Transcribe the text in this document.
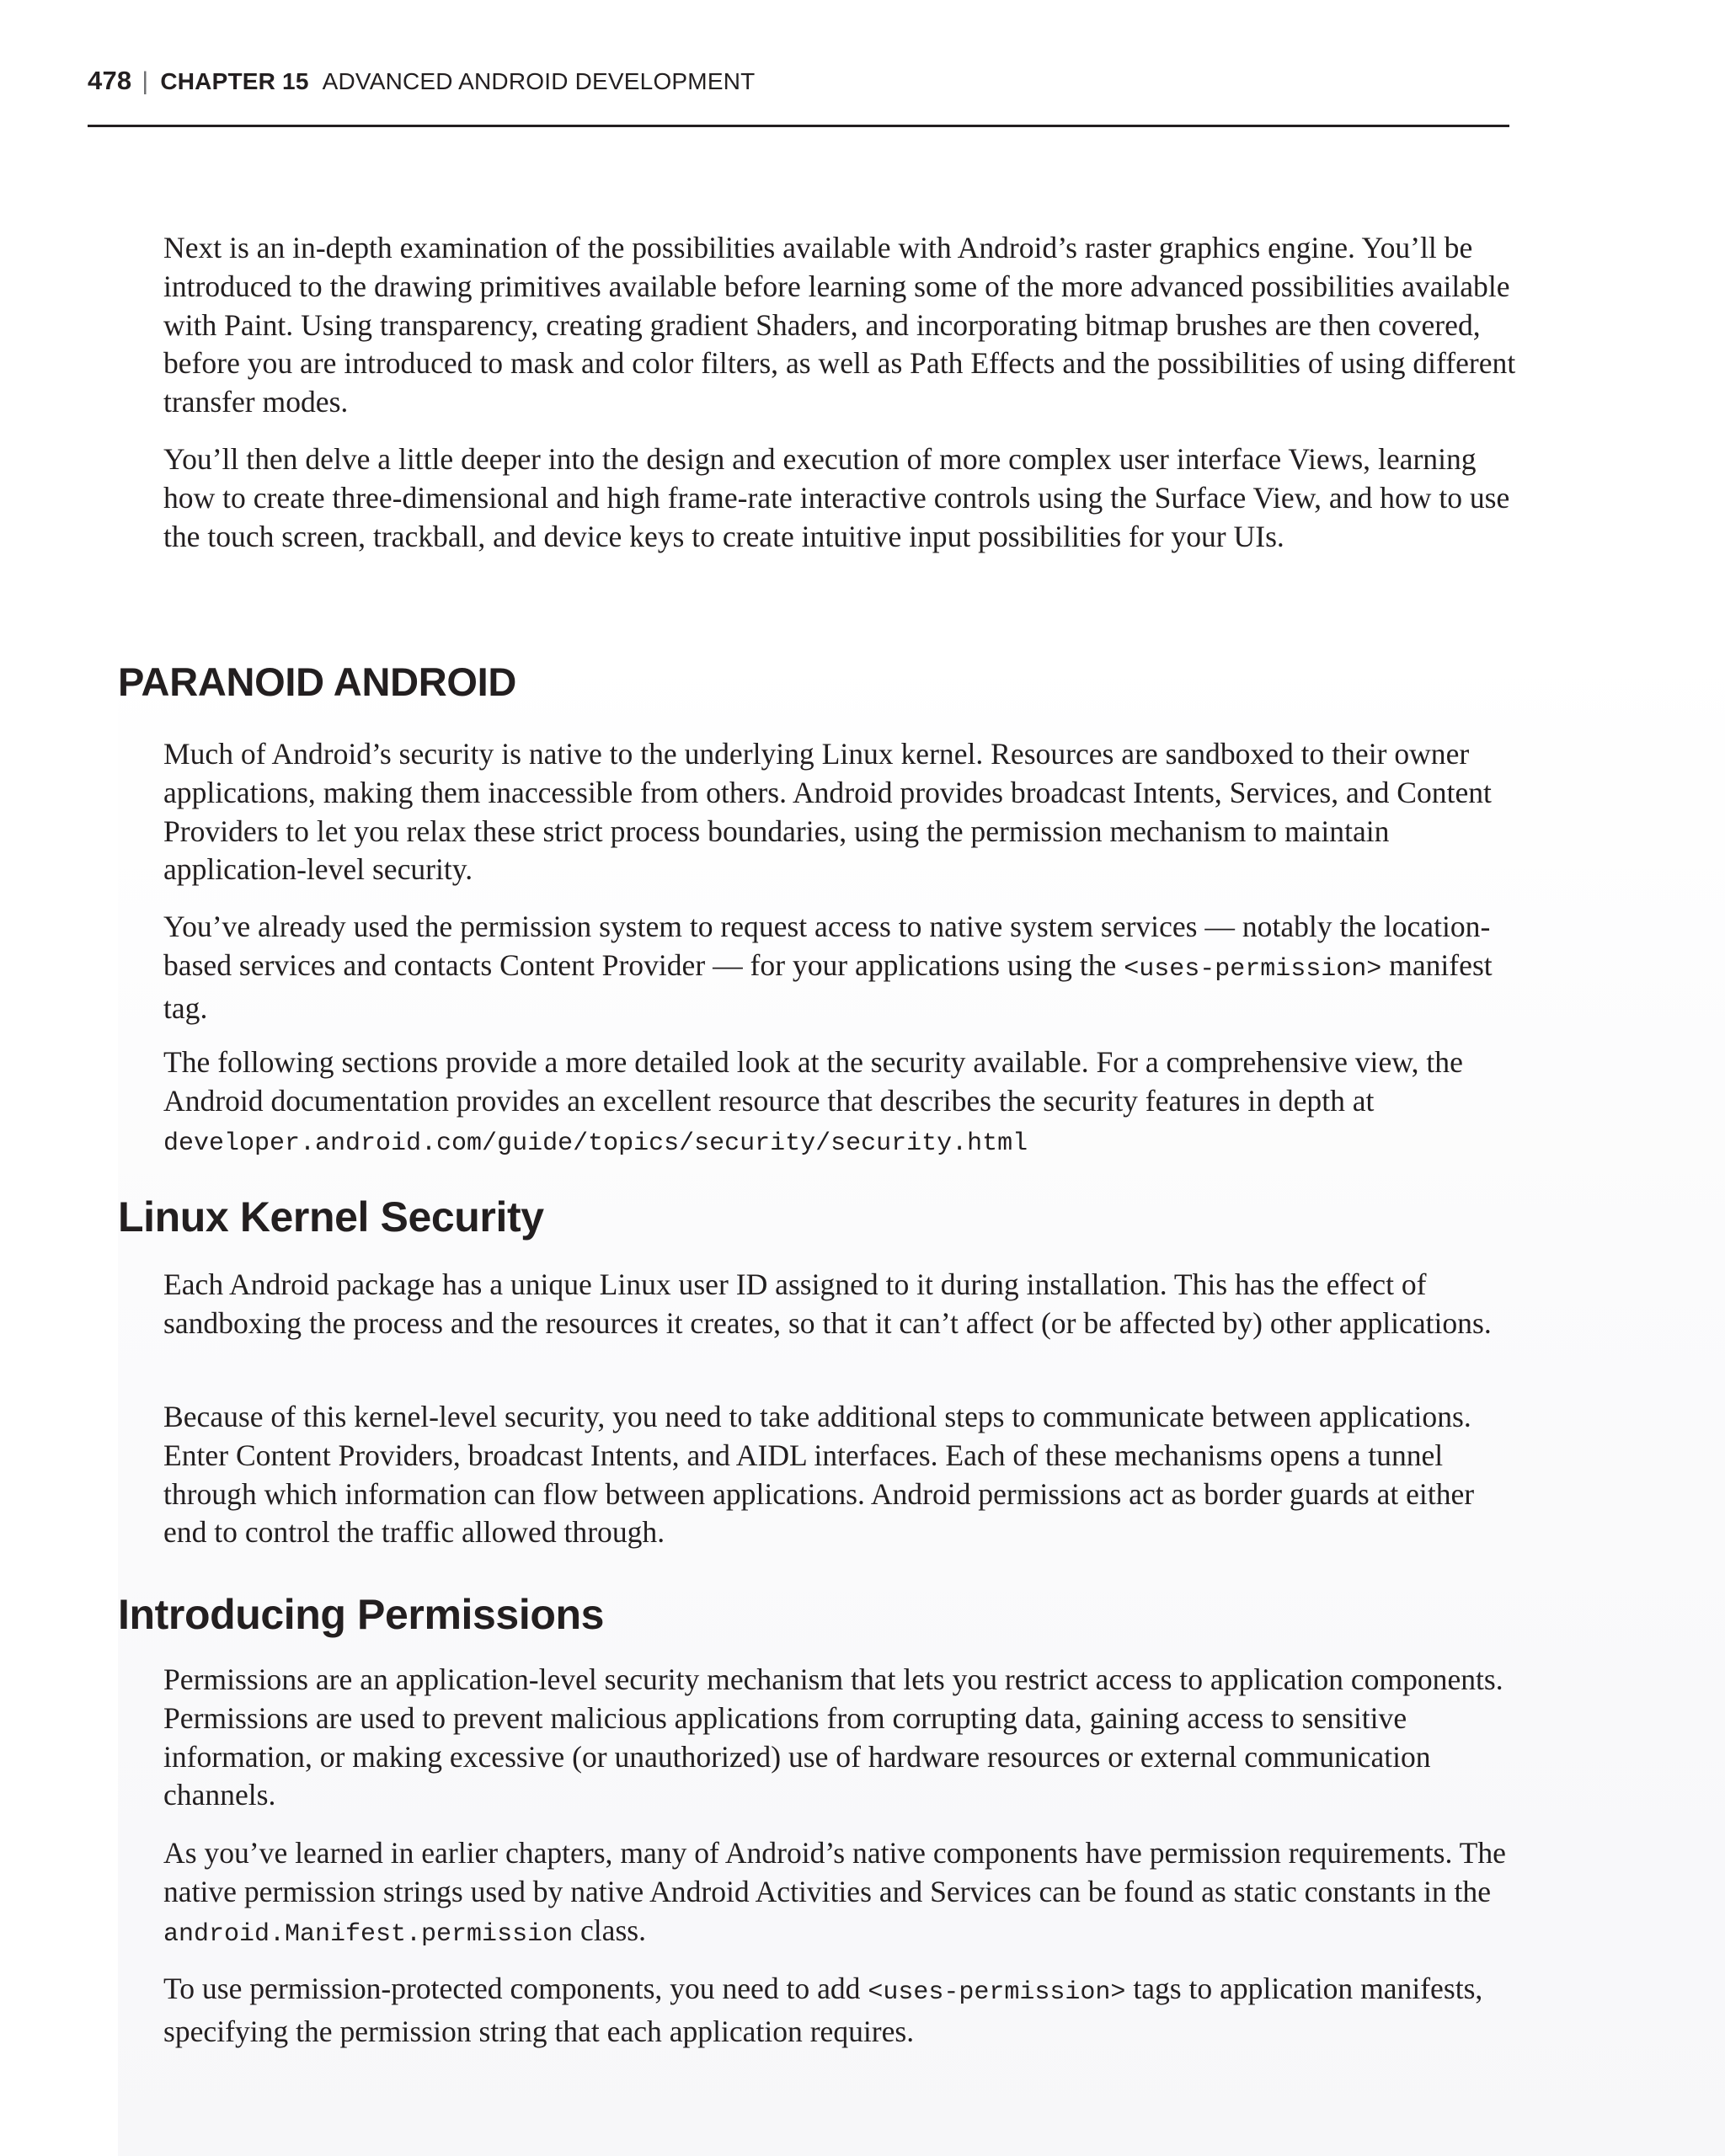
478 | CHAPTER 15 ADVANCED ANDROID DEVELOPMENT

Next is an in-depth examination of the possibilities available with Android’s raster graphics engine. You’ll be introduced to the drawing primitives available before learning some of the more advanced possibilities available with Paint. Using transparency, creating gradient Shaders, and incorporating bitmap brushes are then covered, before you are introduced to mask and color filters, as well as Path Effects and the possibilities of using different transfer modes.

You’ll then delve a little deeper into the design and execution of more complex user interface Views, learning how to create three-dimensional and high frame-rate interactive controls using the Surface View, and how to use the touch screen, trackball, and device keys to create intuitive input possibilities for your UIs.

PARANOID ANDROID

Much of Android’s security is native to the underlying Linux kernel. Resources are sandboxed to their owner applications, making them inaccessible from others. Android provides broadcast Intents, Services, and Content Providers to let you relax these strict process boundaries, using the permission mechanism to maintain application-level security.

You’ve already used the permission system to request access to native system services — notably the location-based services and contacts Content Provider — for your applications using the <uses-permission> manifest tag.

The following sections provide a more detailed look at the security available. For a comprehensive view, the Android documentation provides an excellent resource that describes the security features in depth at developer.android.com/guide/topics/security/security.html

Linux Kernel Security

Each Android package has a unique Linux user ID assigned to it during installation. This has the effect of sandboxing the process and the resources it creates, so that it can’t affect (or be affected by) other applications.

Because of this kernel-level security, you need to take additional steps to communicate between applications. Enter Content Providers, broadcast Intents, and AIDL interfaces. Each of these mechanisms opens a tunnel through which information can flow between applications. Android permissions act as border guards at either end to control the traffic allowed through.

Introducing Permissions

Permissions are an application-level security mechanism that lets you restrict access to application components. Permissions are used to prevent malicious applications from corrupting data, gaining access to sensitive information, or making excessive (or unauthorized) use of hardware resources or external communication channels.

As you’ve learned in earlier chapters, many of Android’s native components have permission requirements. The native permission strings used by native Android Activities and Services can be found as static constants in the android.Manifest.permission class.

To use permission-protected components, you need to add <uses-permission> tags to application manifests, specifying the permission string that each application requires.
